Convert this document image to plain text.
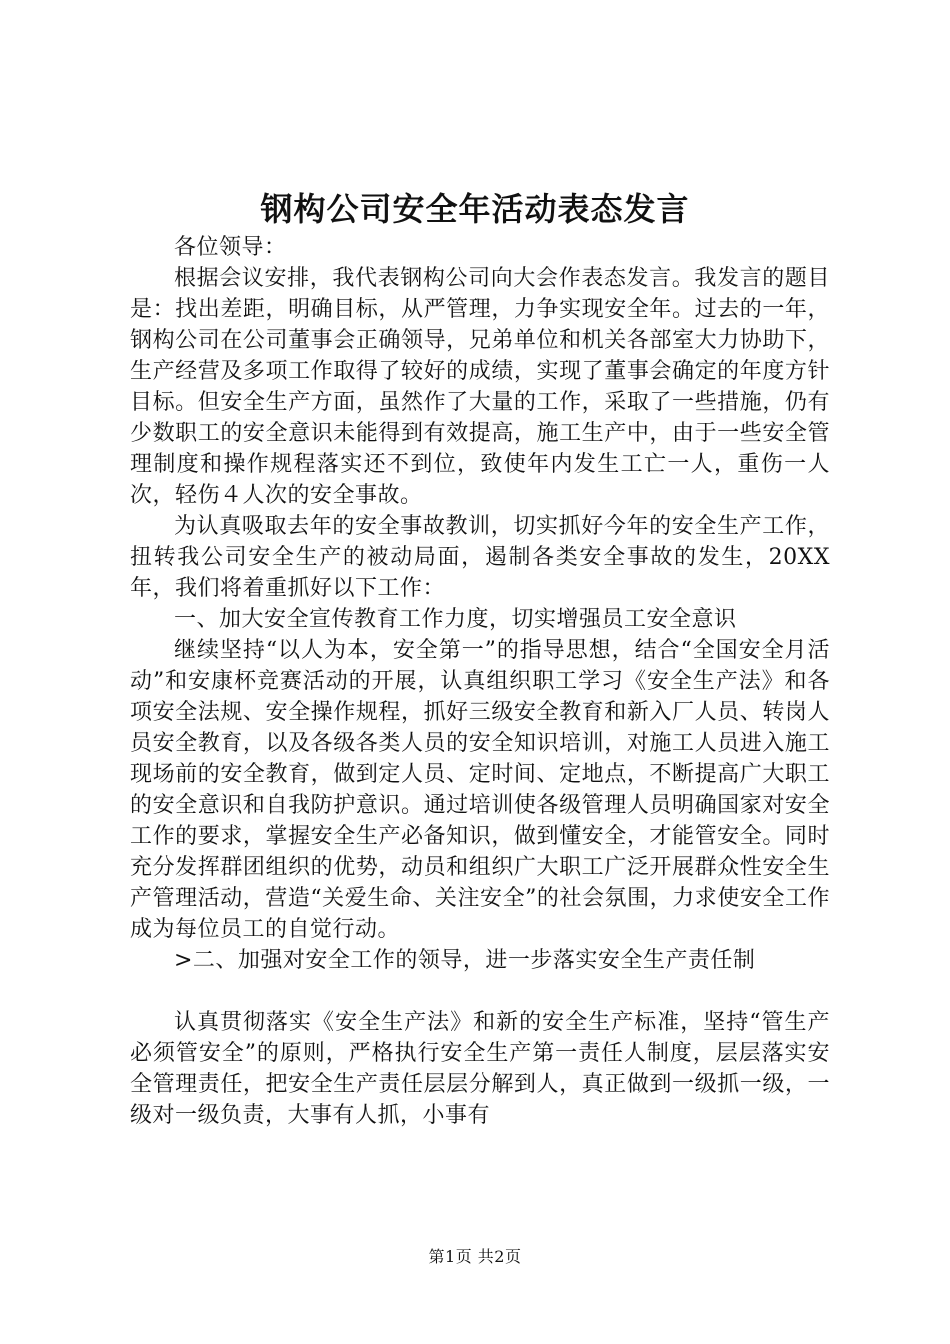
钢构公司安全年活动表态发言

各位领导：

根据会议安排，我代表钢构公司向大会作表态发言。我发言的题目是：找出差距，明确目标，从严管理，力争实现安全年。过去的一年，钢构公司在公司董事会正确领导，兄弟单位和机关各部室大力协助下，生产经营及多项工作取得了较好的成绩，实现了董事会确定的年度方针目标。但安全生产方面，虽然作了大量的工作，采取了一些措施，仍有少数职工的安全意识未能得到有效提高，施工生产中，由于一些安全管理制度和操作规程落实还不到位，致使年内发生工亡一人，重伤一人次，轻伤４人次的安全事故。

为认真吸取去年的安全事故教训，切实抓好今年的安全生产工作，扭转我公司安全生产的被动局面，遏制各类安全事故的发生，20XX年，我们将着重抓好以下工作：

一、加大安全宣传教育工作力度，切实增强员工安全意识

继续坚持“以人为本，安全第一”的指导思想，结合“全国安全月活动”和安康杯竞赛活动的开展，认真组织职工学习《安全生产法》和各项安全法规、安全操作规程，抓好三级安全教育和新入厂人员、转岗人员安全教育，以及各级各类人员的安全知识培训，对施工人员进入施工现场前的安全教育，做到定人员、定时间、定地点，不断提高广大职工的安全意识和自我防护意识。通过培训使各级管理人员明确国家对安全工作的要求，掌握安全生产必备知识，做到懂安全，才能管安全。同时充分发挥群团组织的优势，动员和组织广大职工广泛开展群众性安全生产管理活动，营造“关爱生命、关注安全”的社会氛围，力求使安全工作成为每位员工的自觉行动。

>二、加强对安全工作的领导，进一步落实安全生产责任制

认真贯彻落实《安全生产法》和新的安全生产标准，坚持“管生产必须管安全”的原则，严格执行安全生产第一责任人制度，层层落实安全管理责任，把安全生产责任层层分解到人，真正做到一级抓一级，一级对一级负责，大事有人抓，小事有

第1页 共2页
